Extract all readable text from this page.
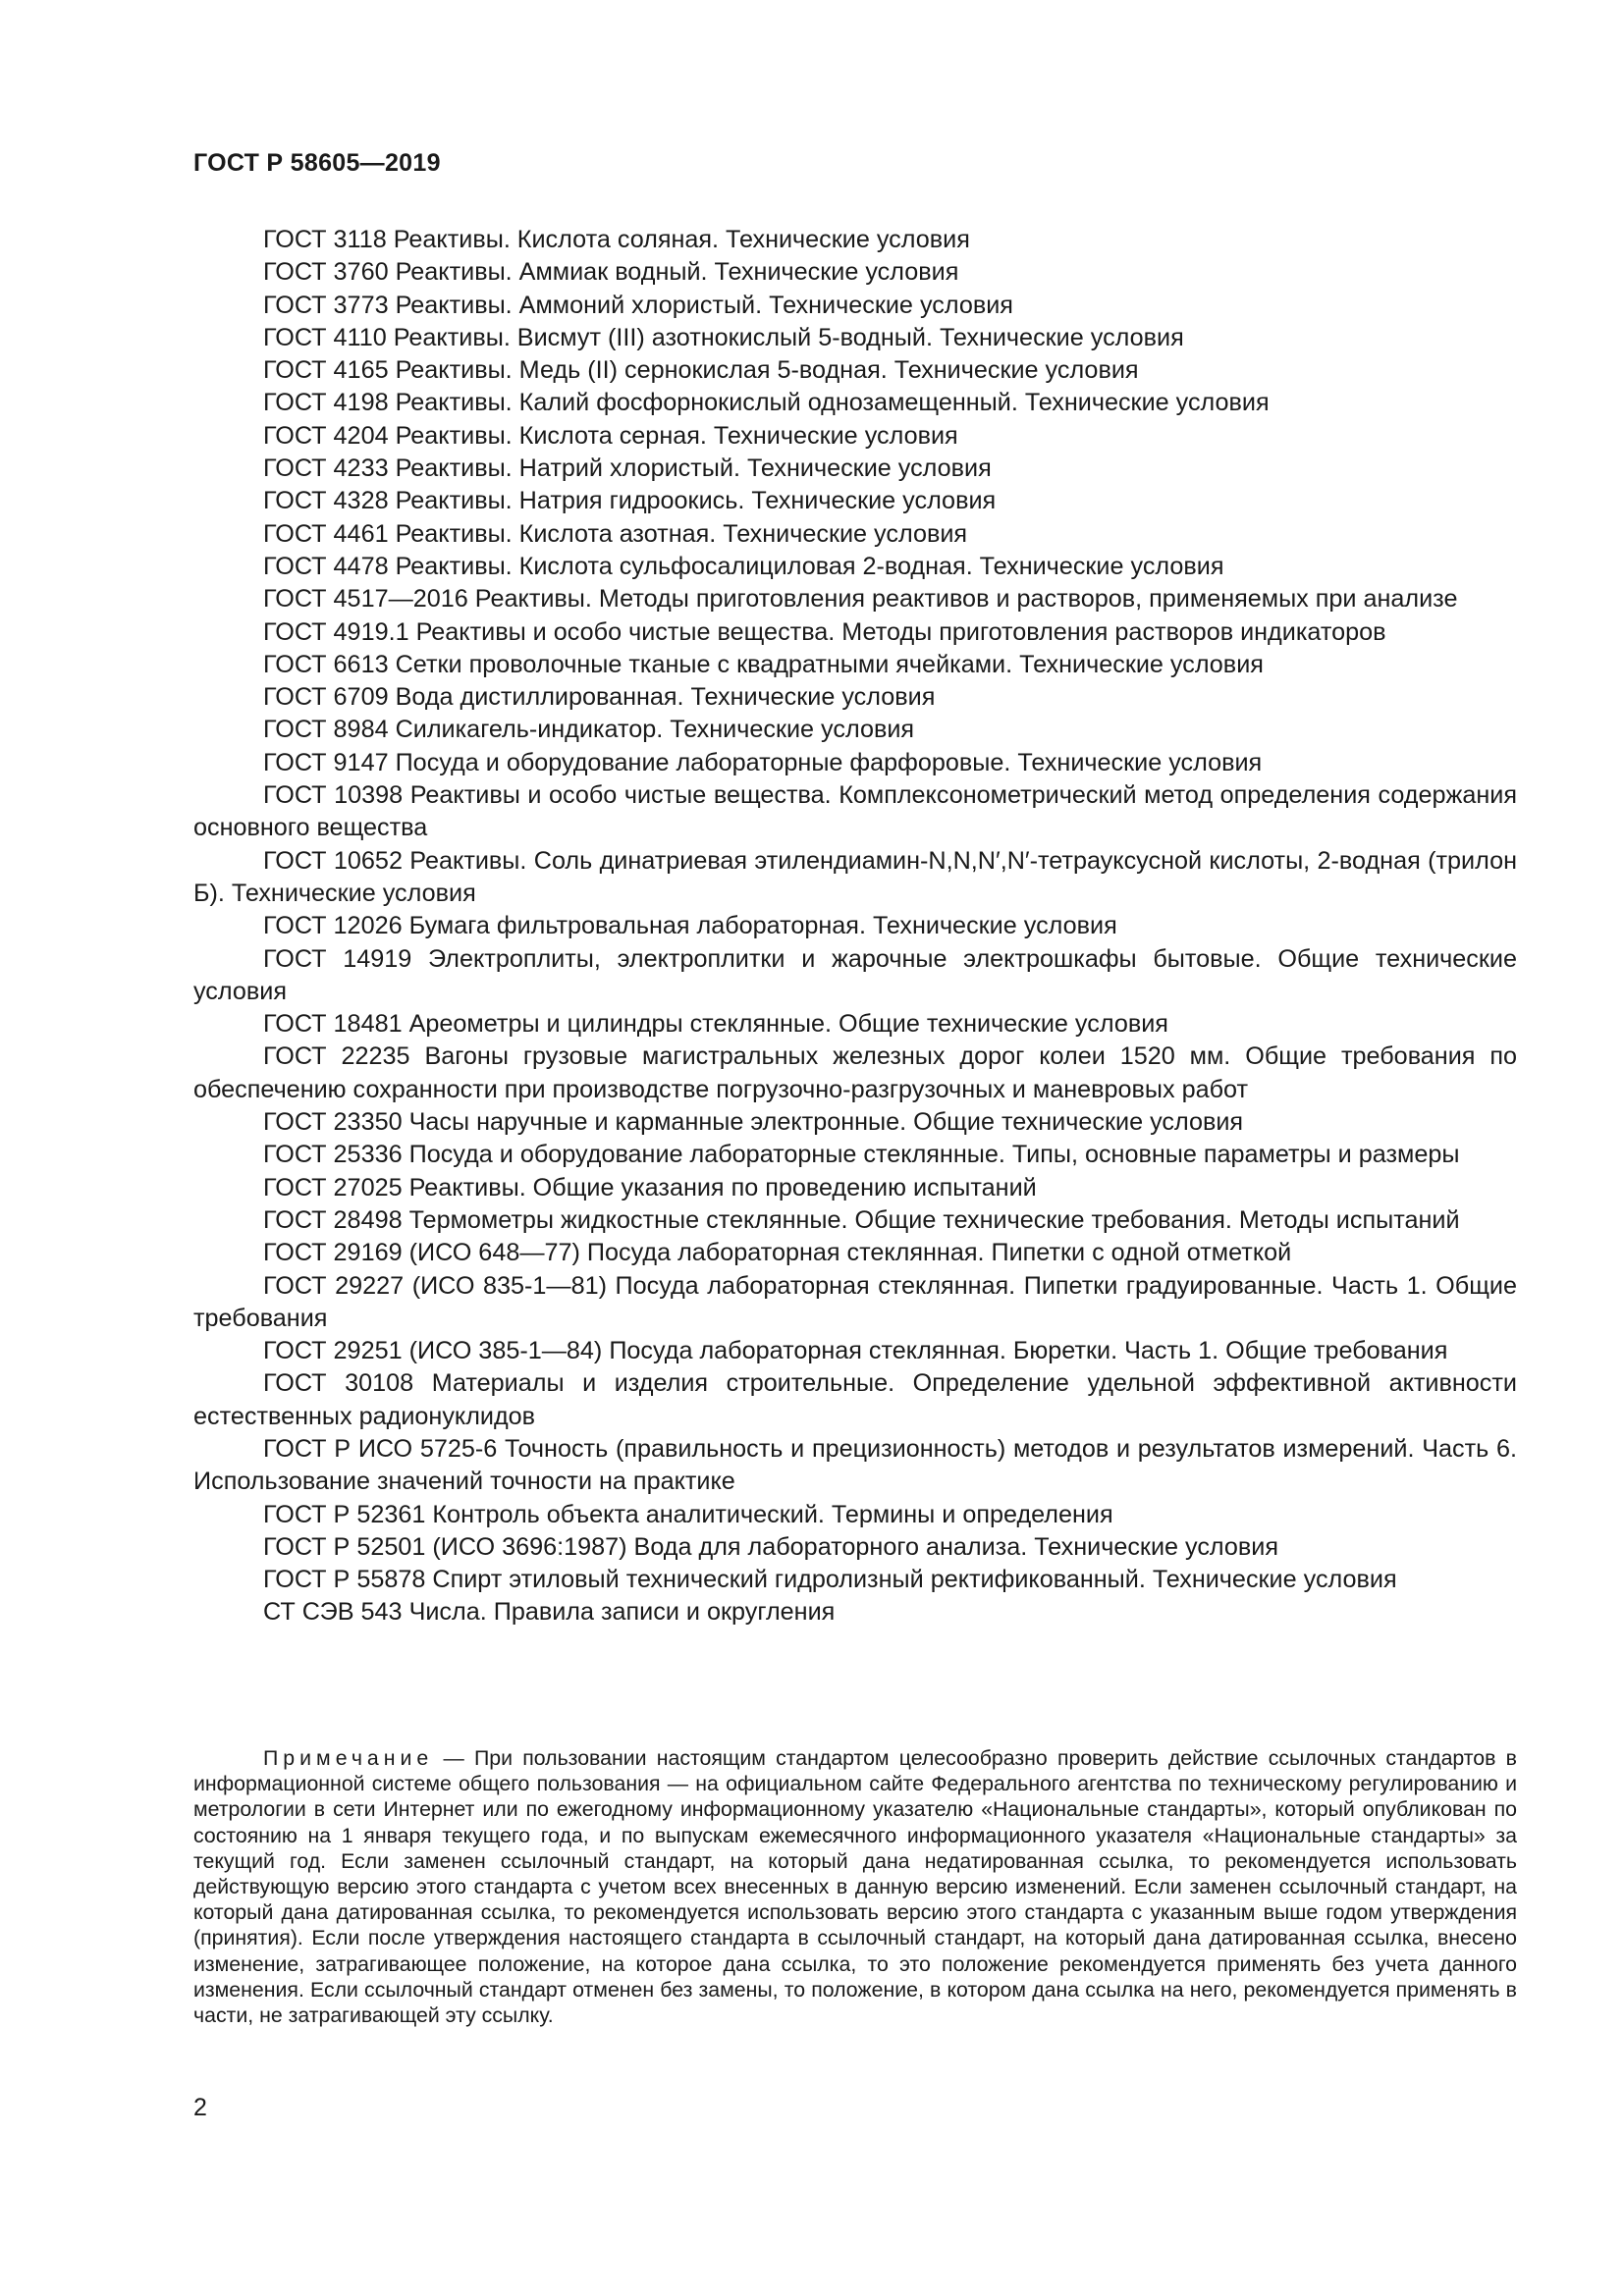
ГОСТ Р 58605—2019

ГОСТ 3118 Реактивы. Кислота соляная. Технические условия

ГОСТ 3760 Реактивы. Аммиак водный. Технические условия

ГОСТ 3773 Реактивы. Аммоний хлористый. Технические условия

ГОСТ 4110 Реактивы. Висмут (III) азотнокислый 5-водный. Технические условия

ГОСТ 4165 Реактивы. Медь (II) сернокислая 5-водная. Технические условия

ГОСТ 4198 Реактивы. Калий фосфорнокислый однозамещенный. Технические условия

ГОСТ 4204 Реактивы. Кислота серная. Технические условия

ГОСТ 4233 Реактивы. Натрий хлористый. Технические условия

ГОСТ 4328 Реактивы. Натрия гидроокись. Технические условия

ГОСТ 4461 Реактивы. Кислота азотная. Технические условия

ГОСТ 4478 Реактивы. Кислота сульфосалициловая 2-водная. Технические условия

ГОСТ 4517—2016 Реактивы. Методы приготовления реактивов и растворов, применяемых при анализе

ГОСТ 4919.1 Реактивы и особо чистые вещества. Методы приготовления растворов индикаторов

ГОСТ 6613 Сетки проволочные тканые с квадратными ячейками. Технические условия

ГОСТ 6709 Вода дистиллированная. Технические условия

ГОСТ 8984 Силикагель-индикатор. Технические условия

ГОСТ 9147 Посуда и оборудование лабораторные фарфоровые. Технические условия

ГОСТ 10398 Реактивы и особо чистые вещества. Комплексонометрический метод определения содержания основного вещества

ГОСТ 10652 Реактивы. Соль динатриевая этилендиамин-N,N,N′,N′-тетрауксусной кислоты, 2-водная (трилон Б). Технические условия

ГОСТ 12026 Бумага фильтровальная лабораторная. Технические условия

ГОСТ 14919 Электроплиты, электроплитки и жарочные электрошкафы бытовые. Общие технические условия

ГОСТ 18481 Ареометры и цилиндры стеклянные. Общие технические условия

ГОСТ 22235 Вагоны грузовые магистральных железных дорог колеи 1520 мм. Общие требования по обеспечению сохранности при производстве погрузочно-разгрузочных и маневровых работ

ГОСТ 23350 Часы наручные и карманные электронные. Общие технические условия

ГОСТ 25336 Посуда и оборудование лабораторные стеклянные. Типы, основные параметры и размеры

ГОСТ 27025 Реактивы. Общие указания по проведению испытаний

ГОСТ 28498 Термометры жидкостные стеклянные. Общие технические требования. Методы испытаний

ГОСТ 29169 (ИСО 648—77) Посуда лабораторная стеклянная. Пипетки с одной отметкой

ГОСТ 29227 (ИСО 835-1—81) Посуда лабораторная стеклянная. Пипетки градуированные. Часть 1. Общие требования

ГОСТ 29251 (ИСО 385-1—84) Посуда лабораторная стеклянная. Бюретки. Часть 1. Общие требования

ГОСТ 30108 Материалы и изделия строительные. Определение удельной эффективной активности естественных радионуклидов

ГОСТ Р ИСО 5725-6 Точность (правильность и прецизионность) методов и результатов измерений. Часть 6. Использование значений точности на практике

ГОСТ Р 52361 Контроль объекта аналитический. Термины и определения

ГОСТ Р 52501 (ИСО 3696:1987) Вода для лабораторного анализа. Технические условия

ГОСТ Р 55878 Спирт этиловый технический гидролизный ректификованный. Технические условия

СТ СЭВ 543 Числа. Правила записи и округления

Примечание — При пользовании настоящим стандартом целесообразно проверить действие ссылочных стандартов в информационной системе общего пользования — на официальном сайте Федерального агентства по техническому регулированию и метрологии в сети Интернет или по ежегодному информационному указателю «Национальные стандарты», который опубликован по состоянию на 1 января текущего года, и по выпускам ежемесячного информационного указателя «Национальные стандарты» за текущий год. Если заменен ссылочный стандарт, на который дана недатированная ссылка, то рекомендуется использовать действующую версию этого стандарта с учетом всех внесенных в данную версию изменений. Если заменен ссылочный стандарт, на который дана датированная ссылка, то рекомендуется использовать версию этого стандарта с указанным выше годом утверждения (принятия). Если после утверждения настоящего стандарта в ссылочный стандарт, на который дана датированная ссылка, внесено изменение, затрагивающее положение, на которое дана ссылка, то это положение рекомендуется применять без учета данного изменения. Если ссылочный стандарт отменен без замены, то положение, в котором дана ссылка на него, рекомендуется применять в части, не затрагивающей эту ссылку.

2
